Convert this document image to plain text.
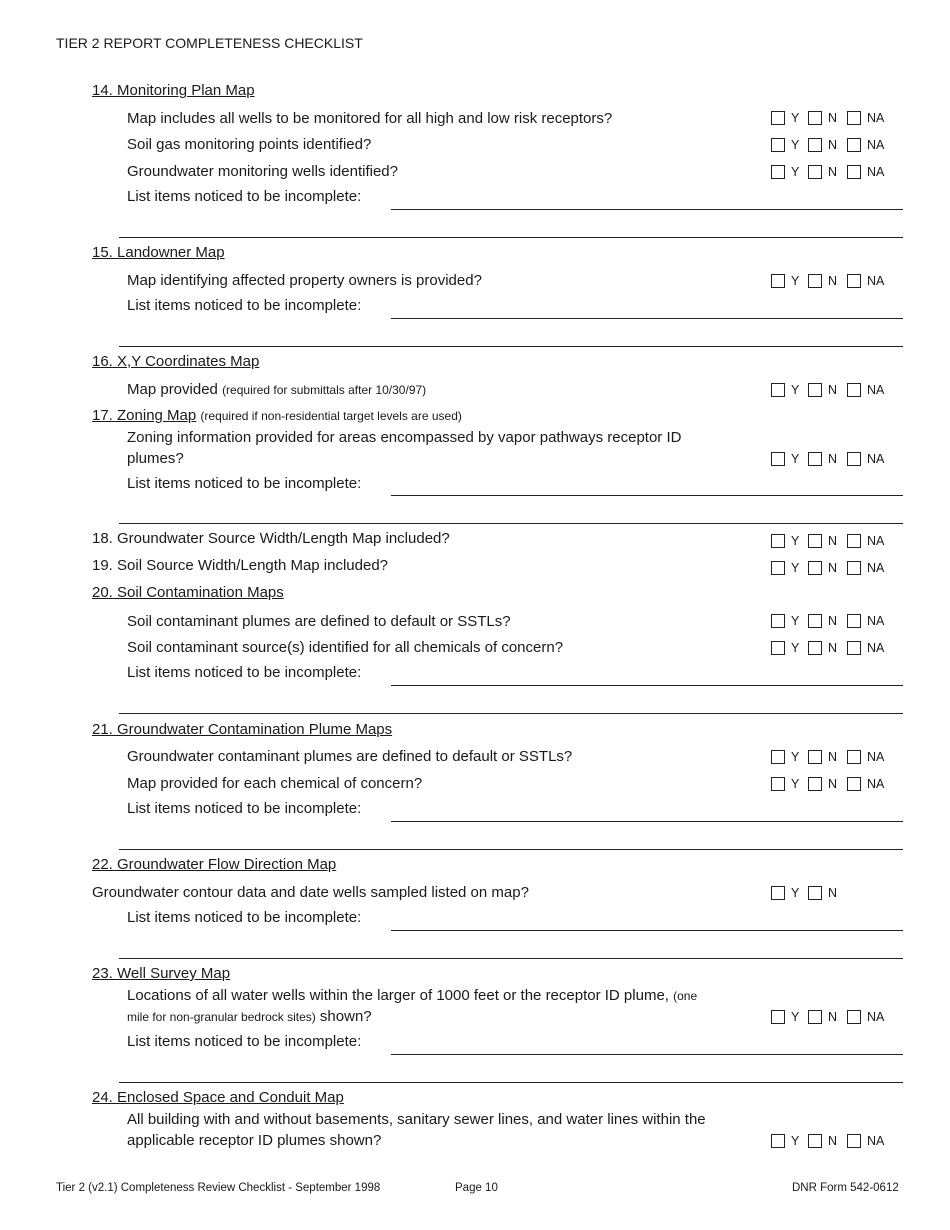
TIER 2 REPORT COMPLETENESS CHECKLIST
14. Monitoring Plan Map
Map includes all wells to be monitored for all high and low risk receptors?	Y N NA
Soil gas monitoring points identified?	Y N NA
Groundwater monitoring wells identified?	Y N NA
List items noticed to be incomplete:
15. Landowner Map
Map identifying affected property owners is provided?	Y N NA
List items noticed to be incomplete:
16. X,Y Coordinates Map
Map provided (required for submittals after 10/30/97)	Y N NA
17. Zoning Map (required if non-residential target levels are used)
Zoning information provided for areas encompassed by vapor pathways receptor ID
plumes?	Y N NA
List items noticed to be incomplete:
18. Groundwater Source Width/Length Map included?	Y N NA
19. Soil Source Width/Length Map included?	Y N NA
20. Soil Contamination Maps
Soil contaminant plumes are defined to default or SSTLs?	Y N NA
Soil contaminant source(s) identified for all chemicals of concern?	Y N NA
List items noticed to be incomplete:
21. Groundwater Contamination Plume Maps
Groundwater contaminant plumes are defined to default or SSTLs?	Y N NA
Map provided for each chemical of concern?	Y N NA
List items noticed to be incomplete:
22. Groundwater Flow Direction Map
Groundwater contour data and date wells sampled listed on map?	Y N
List items noticed to be incomplete:
23. Well Survey Map
Locations of all water wells within the larger of 1000 feet or the receptor ID plume, (one
mile for non-granular bedrock sites) shown?	Y N NA
List items noticed to be incomplete:
24. Enclosed Space and Conduit Map
All building with and without basements, sanitary sewer lines, and water lines within the
applicable receptor ID plumes shown?	Y N NA
Tier 2 (v2.1) Completeness Review Checklist - September 1998	Page 10	DNR Form 542-0612
